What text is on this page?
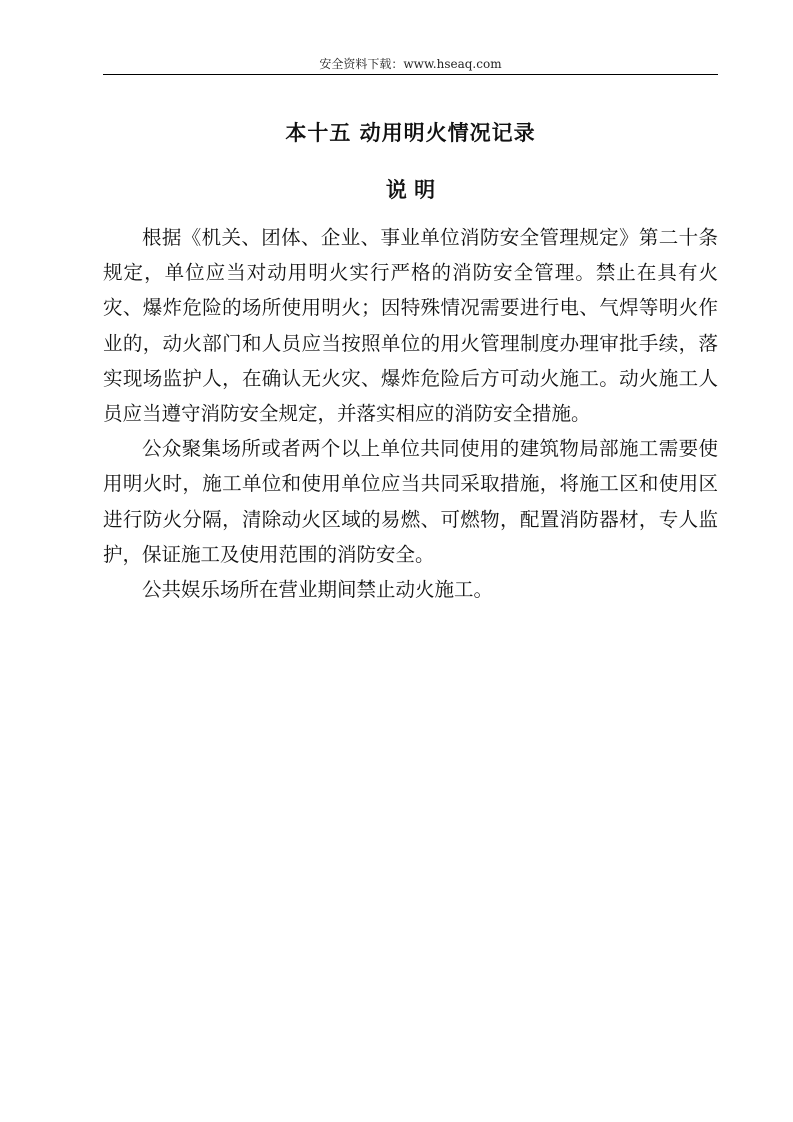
安全资料下载：www.hseaq.com
本十五 动用明火情况记录
说 明

根据《机关、团体、企业、事业单位消防安全管理规定》第二十条规定，单位应当对动用明火实行严格的消防安全管理。禁止在具有火灾、爆炸危险的场所使用明火；因特殊情况需要进行电、气焊等明火作业的，动火部门和人员应当按照单位的用火管理制度办理审批手续，落实现场监护人，在确认无火灾、爆炸危险后方可动火施工。动火施工人员应当遵守消防安全规定，并落实相应的消防安全措施。

公众聚集场所或者两个以上单位共同使用的建筑物局部施工需要使用明火时，施工单位和使用单位应当共同采取措施，将施工区和使用区进行防火分隔，清除动火区域的易燃、可燃物，配置消防器材，专人监护，保证施工及使用范围的消防安全。

公共娱乐场所在营业期间禁止动火施工。
